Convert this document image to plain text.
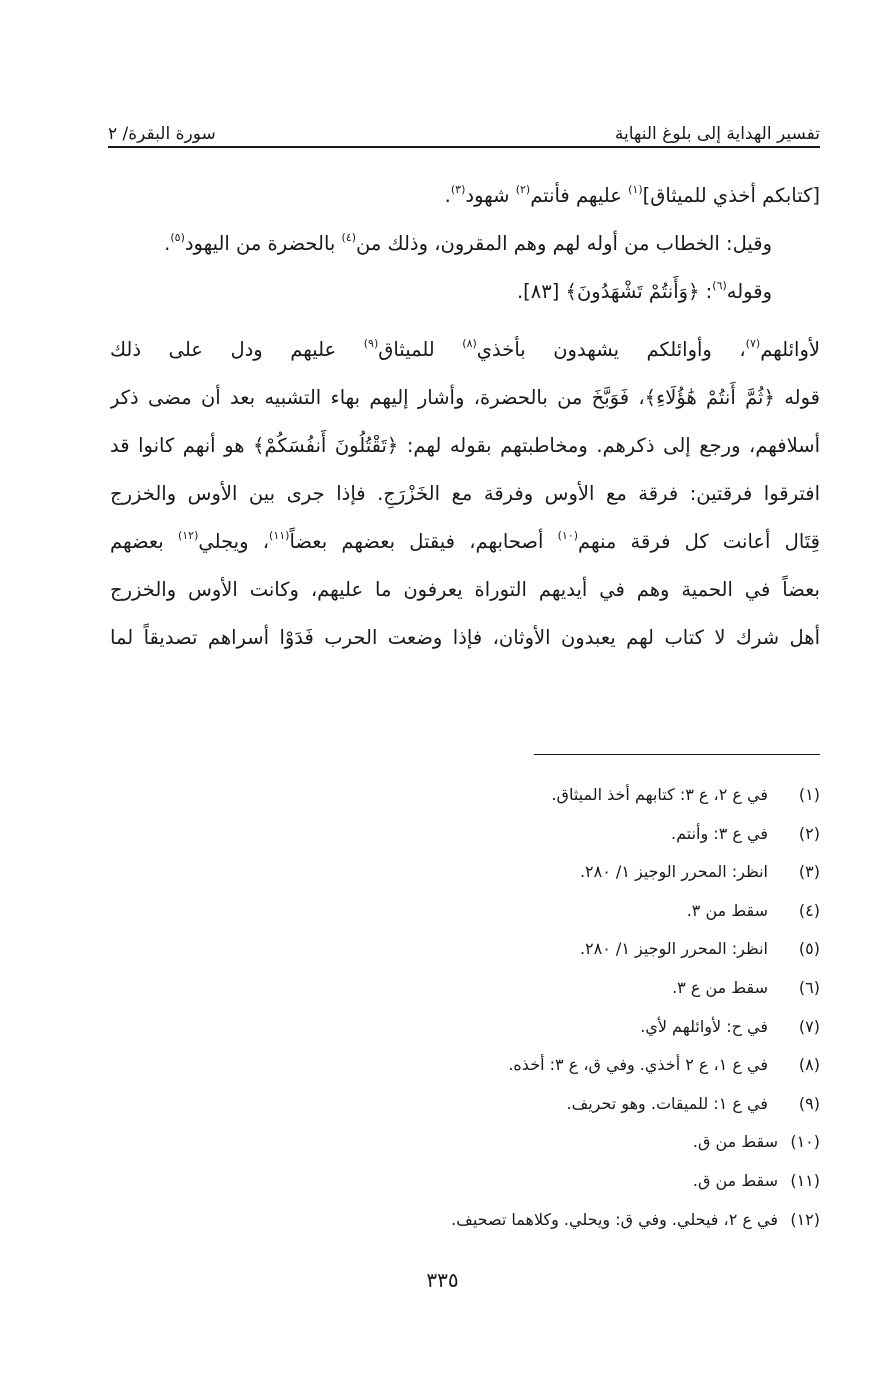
تفسير الهداية إلى بلوغ النهاية
سورة البقرة/ ٢
[كتابكم أخذي للميثاق]$^{(١)}$ عليهم فأنتم$^{(٢)}$ شهود$^{(٣)}$.
وقيل: الخطاب من أوله لهم وهم المقرون، وذلك من$^{(٤)}$ بالحضرة من اليهود$^{(٥)}$.
وقوله$^{(٦)}$: ﴿وَأَنتُمْ تَشْهَدُونَ﴾ [٨٣].
لأوائلهم$^{(٧)}$، وأوائلكم يشهدون بأخذي$^{(٨)}$ للميثاق$^{(٩)}$ عليهم ودل على ذلك
قوله ﴿ثُمَّ أَنتُمْ هَٰؤُلَاءِ﴾، فَوَبَّخَ من بالحضرة، وأشار إليهم بهاء التشبيه بعد أن مضى ذكر
أسلافهم، ورجع إلى ذكرهم. ومخاطبتهم بقوله لهم: ﴿تَقْتُلُونَ أَنفُسَكُمْ﴾ هو أنهم كانوا قد
افترقوا فرقتين: فرقة مع الأوس وفرقة مع الخَزْرَجِ. فإذا جرى بين الأوس والخزرج
قِتَال أعانت كل فرقة منهم$^{(١٠)}$ أصحابهم، فيقتل بعضهم بعضاً$^{(١١)}$، ويجلي$^{(١٢)}$ بعضهم
بعضاً في الحمية وهم في أيديهم التوراة يعرفون ما عليهم، وكانت الأوس والخزرج
أهل شرك لا كتاب لهم يعبدون الأوثان، فإذا وضعت الحرب فَدَوْا أسراهم تصديقاً لما
(١)
في ع ٢، ع ٣: كتابهم أخذ الميثاق.
(٢)
في ع ٣: وأنتم.
(٣)
انظر: المحرر الوجيز ١/ ٢٨٠.
(٤)
سقط من ٣.
(٥)
انظر: المحرر الوجيز ١/ ٢٨٠.
(٦)
سقط من ع ٣.
(٧)
في ح: لأوائلهم لأي.
(٨)
في ع ١، ع ٢ أخذي. وفي ق، ع ٣: أخذه.
(٩)
في ع ١: للميقات. وهو تحريف.
(١٠)
سقط من ق.
(١١)
سقط من ق.
(١٢)
في ع ٢، فيحلي. وفي ق: ويحلي. وكلاهما تصحيف.
٣٣٥
